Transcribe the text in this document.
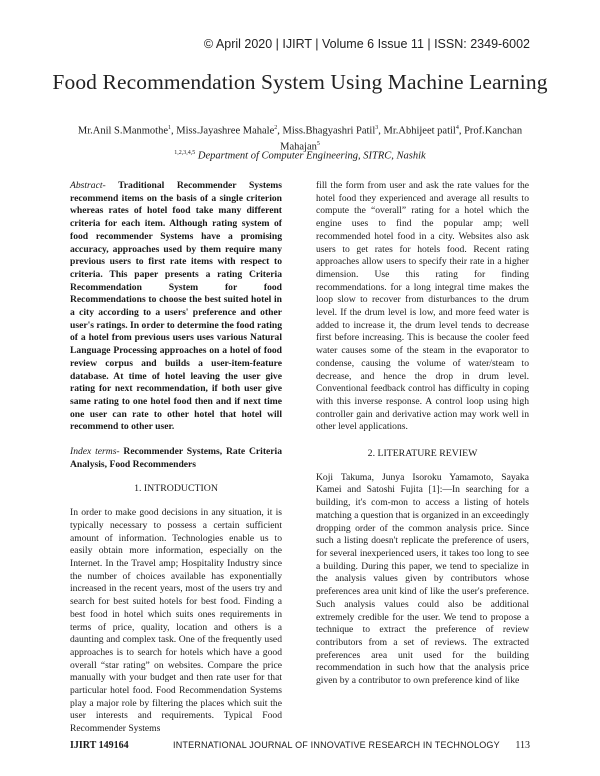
© April 2020 | IJIRT | Volume 6 Issue 11 | ISSN: 2349-6002
Food Recommendation System Using Machine Learning
Mr.Anil S.Manmothe$^1$, Miss.Jayashree Mahale$^2$, Miss.Bhagyashri Patil$^3$, Mr.Abhijeet patil$^4$, Prof.Kanchan Mahajan$^5$
$^{1,2,3,4,5}$ Department of Computer Engineering, SITRC, Nashik

Abstract- Traditional Recommender Systems recommend items on the basis of a single criterion whereas rates of hotel food take many different criteria for each item. Although rating system of food recommender Systems have a promising accuracy, approaches used by them require many previous users to first rate items with respect to criteria. This paper presents a rating Criteria Recommendation System for food Recommendations to choose the best suited hotel in a city according to a users' preference and other user's ratings. In order to determine the food rating of a hotel from previous users uses various Natural Language Processing approaches on a hotel of food review corpus and builds a user-item-feature database. At time of hotel leaving the user give rating for next recommendation, if both user give same rating to one hotel food then and if next time one user can rate to other hotel that hotel will recommend to other user.

Index terms- Recommender Systems, Rate Criteria Analysis, Food Recommenders

1. INTRODUCTION

In order to make good decisions in any situation, it is typically necessary to possess a certain sufficient amount of information. Technologies enable us to easily obtain more information, especially on the Internet. In the Travel amp; Hospitality Industry since the number of choices available has exponentially increased in the recent years, most of the users try and search for best suited hotels for best food. Finding a best food in hotel which suits ones requirements in terms of price, quality, location and others is a daunting and complex task. One of the frequently used approaches is to search for hotels which have a good overall “star rating” on websites. Compare the price manually with your budget and then rate user for that particular hotel food. Food Recommendation Systems play a major role by filtering the places which suit the user interests and requirements. Typical Food Recommender Systems

fill the form from user and ask the rate values for the hotel food they experienced and average all results to compute the “overall” rating for a hotel which the engine uses to find the popular amp; well recommended hotel food in a city. Websites also ask users to get rates for hotels food. Recent rating approaches allow users to specify their rate in a higher dimension. Use this rating for finding recommendations. for a long integral time makes the loop slow to recover from disturbances to the drum level. If the drum level is low, and more feed water is added to increase it, the drum level tends to decrease first before increasing. This is because the cooler feed water causes some of the steam in the evaporator to condense, causing the volume of water/steam to decrease, and hence the drop in drum level. Conventional feedback control has difficulty in coping with this inverse response. A control loop using high controller gain and derivative action may work well in other level applications.

2. LITERATURE REVIEW

Koji Takuma, Junya Isoroku Yamamoto, Sayaka Kamei and Satoshi Fujita [1]:—In searching for a building, it's com-mon to access a listing of hotels matching a question that is organized in an exceedingly dropping order of the common analysis price. Since such a listing doesn't replicate the preference of users, for several inexperienced users, it takes too long to see a building. During this paper, we tend to specialize in the analysis values given by contributors whose preferences area unit kind of like the user's preference. Such analysis values could also be additional extremely credible for the user. We tend to propose a technique to extract the preference of review contributors from a set of reviews. The extracted preferences area unit used for the building recommendation in such how that the analysis price given by a contributor to own preference kind of like

IJIRT 149164	INTERNATIONAL JOURNAL OF INNOVATIVE RESEARCH IN TECHNOLOGY 113
